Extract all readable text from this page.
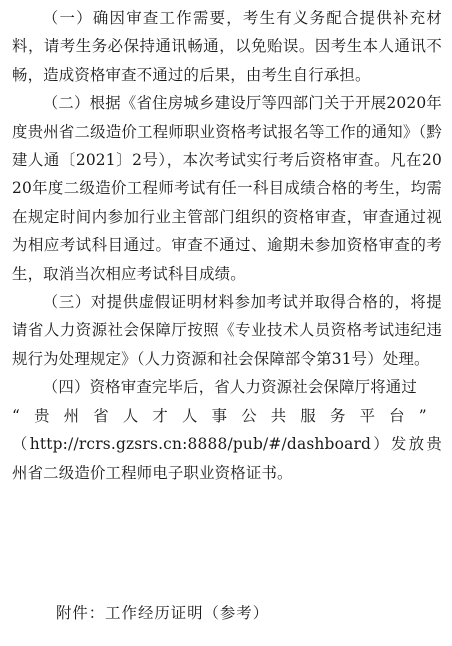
（一）确因审查工作需要，考生有义务配合提供补充材料，请考生务必保持通讯畅通，以免贻误。因考生本人通讯不畅，造成资格审查不通过的后果，由考生自行承担。

（二）根据《省住房城乡建设厅等四部门关于开展2020年度贵州省二级造价工程师职业资格考试报名等工作的通知》（黔建人通〔2021〕2号），本次考试实行考后资格审查。凡在2020年度二级造价工程师考试有任一科目成绩合格的考生，均需在规定时间内参加行业主管部门组织的资格审查，审查通过视为相应考试科目通过。审查不通过、逾期未参加资格审查的考生，取消当次相应考试科目成绩。

（三）对提供虚假证明材料参加考试并取得合格的，将提请省人力资源社会保障厅按照《专业技术人员资格考试违纪违规行为处理规定》（人力资源和社会保障部令第31号）处理。

（四）资格审查完毕后，省人力资源社会保障厅将通过
“贵州省人才人事公共服务平台”
（http://rcrs.gzsrs.cn:8888/pub/#/dashboard）发放贵州省二级造价工程师电子职业资格证书。

附件：工作经历证明（参考）
